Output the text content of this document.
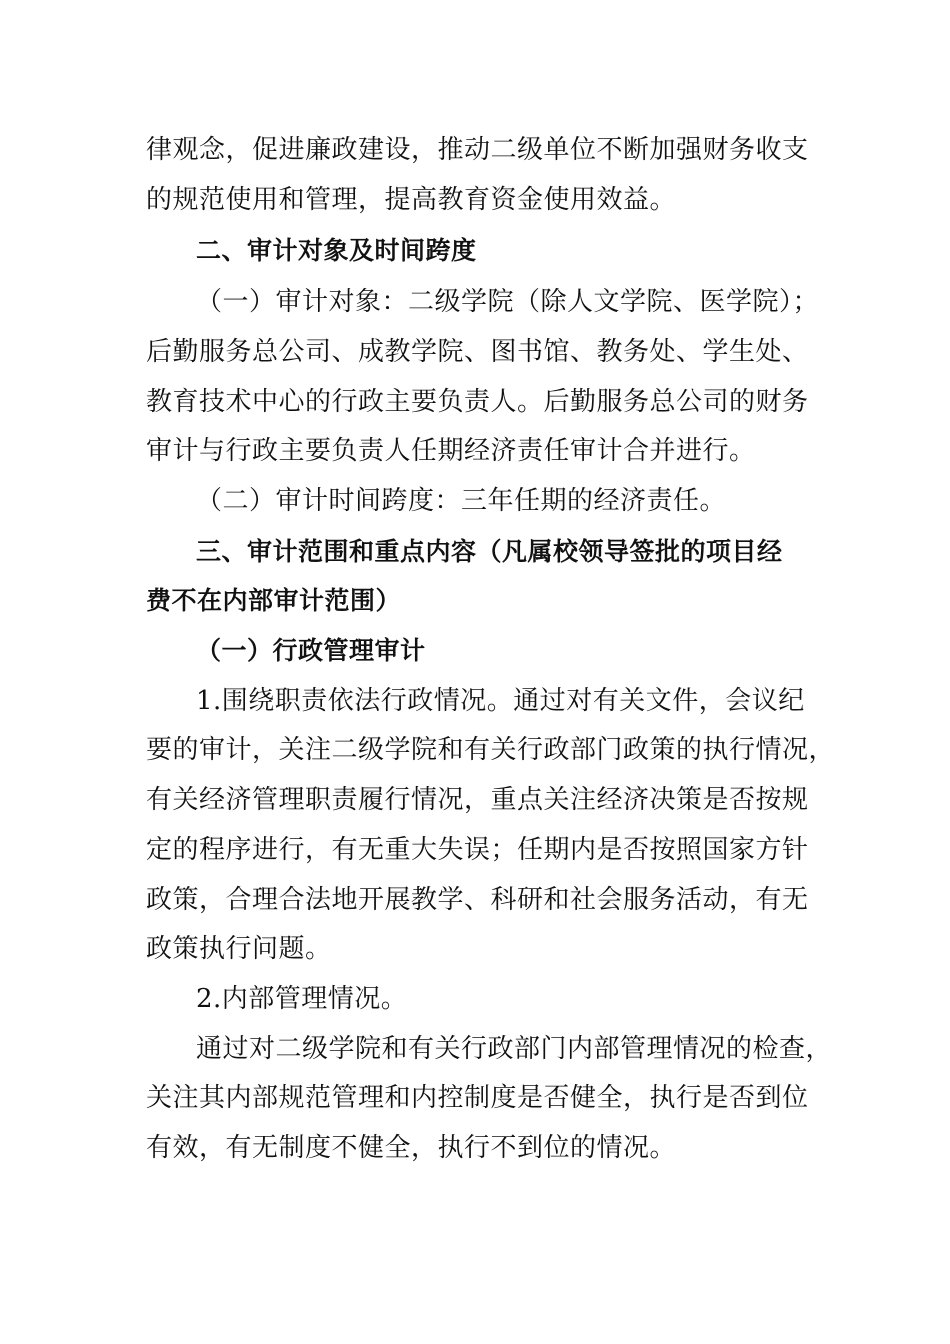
律观念，促进廉政建设，推动二级单位不断加强财务收支
的规范使用和管理，提高教育资金使用效益。
二、审计对象及时间跨度
（一）审计对象：二级学院（除人文学院、医学院）；
后勤服务总公司、成教学院、图书馆、教务处、学生处、
教育技术中心的行政主要负责人。后勤服务总公司的财务
审计与行政主要负责人任期经济责任审计合并进行。
（二）审计时间跨度：三年任期的经济责任。
三、审计范围和重点内容（凡属校领导签批的项目经
费不在内部审计范围）
（一）行政管理审计
1.围绕职责依法行政情况。通过对有关文件，会议纪
要的审计，关注二级学院和有关行政部门政策的执行情况，
有关经济管理职责履行情况，重点关注经济决策是否按规
定的程序进行，有无重大失误；任期内是否按照国家方针
政策，合理合法地开展教学、科研和社会服务活动，有无
政策执行问题。
2.内部管理情况。
通过对二级学院和有关行政部门内部管理情况的检查，
关注其内部规范管理和内控制度是否健全，执行是否到位
有效，有无制度不健全，执行不到位的情况。
